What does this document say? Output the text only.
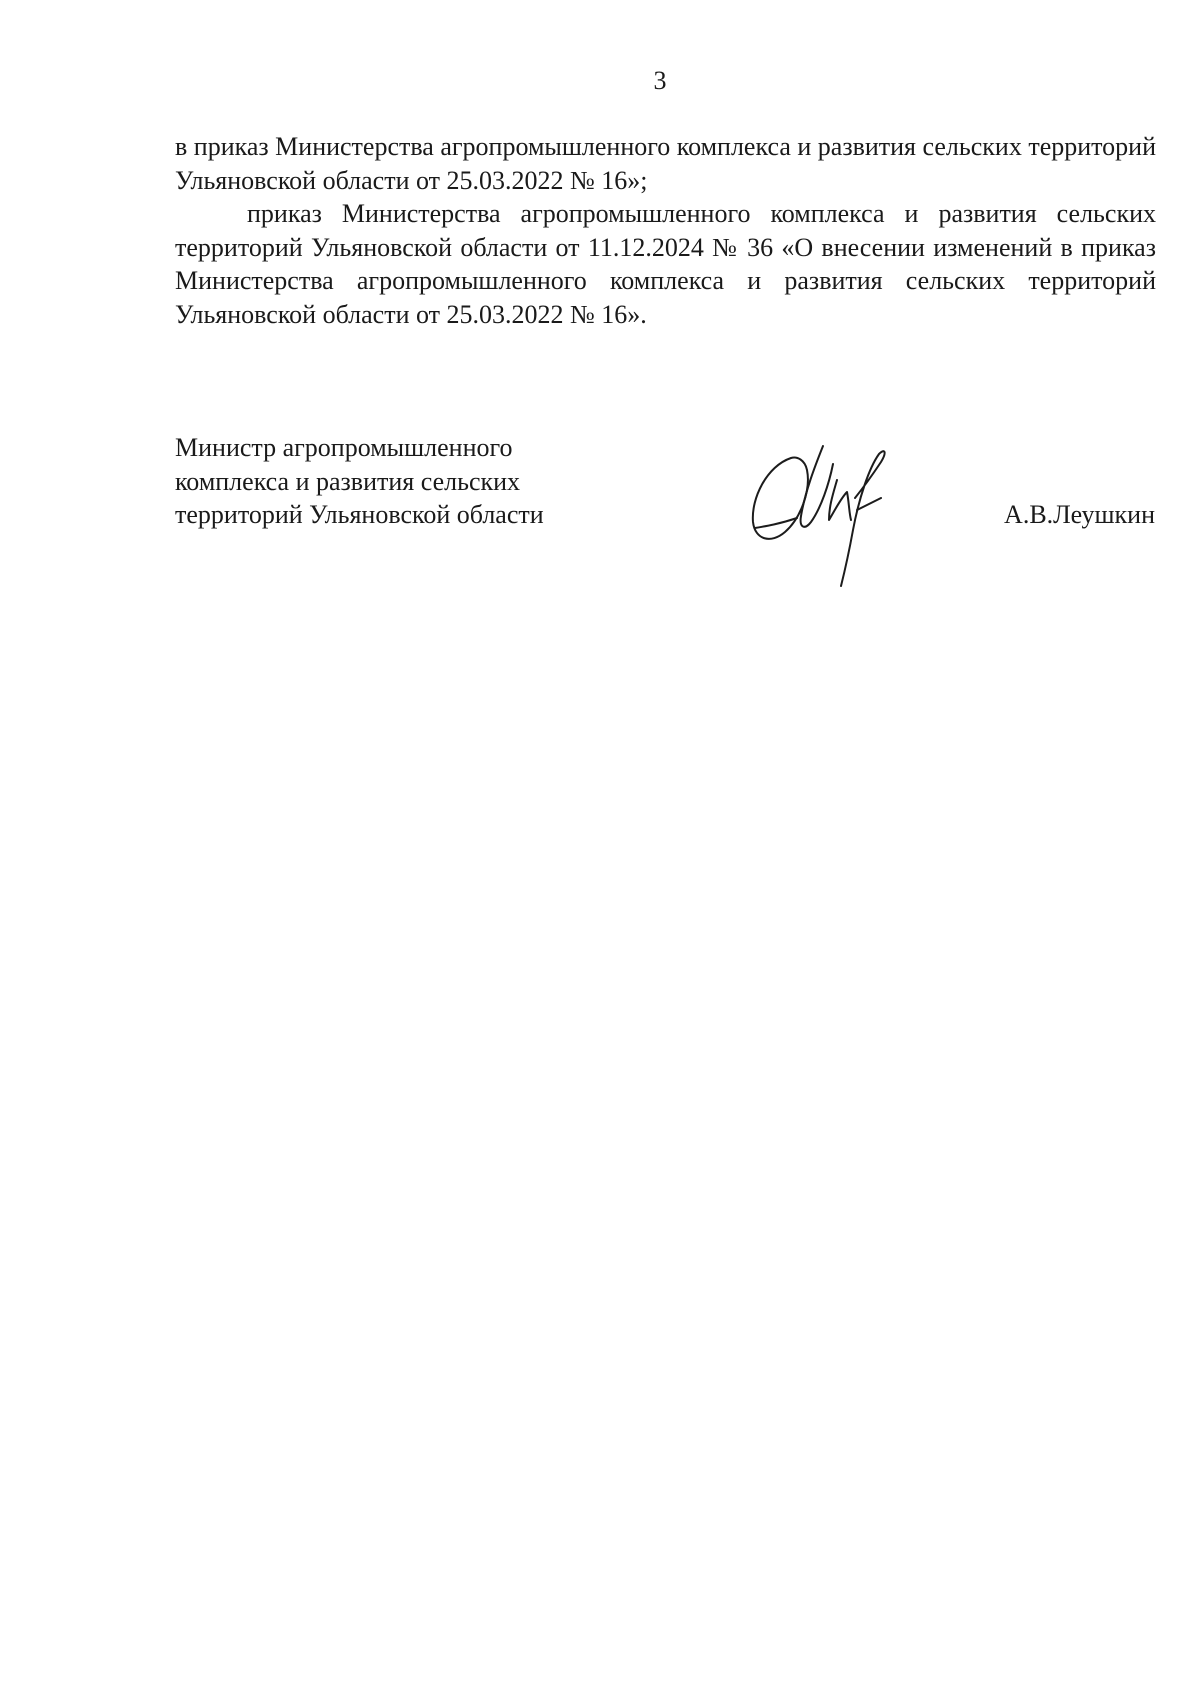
3

в приказ Министерства агропромышленного комплекса и развития сельских территорий Ульяновской области от 25.03.2022 № 16»;

приказ Министерства агропромышленного комплекса и развития сельских территорий Ульяновской области от 11.12.2024 № 36 «О внесении изменений в приказ Министерства агропромышленного комплекса и развития сельских территорий Ульяновской области от 25.03.2022 № 16».

Министр агропромышленного
комплекса и развития сельских
территорий Ульяновской области	А.В.Леушкин
